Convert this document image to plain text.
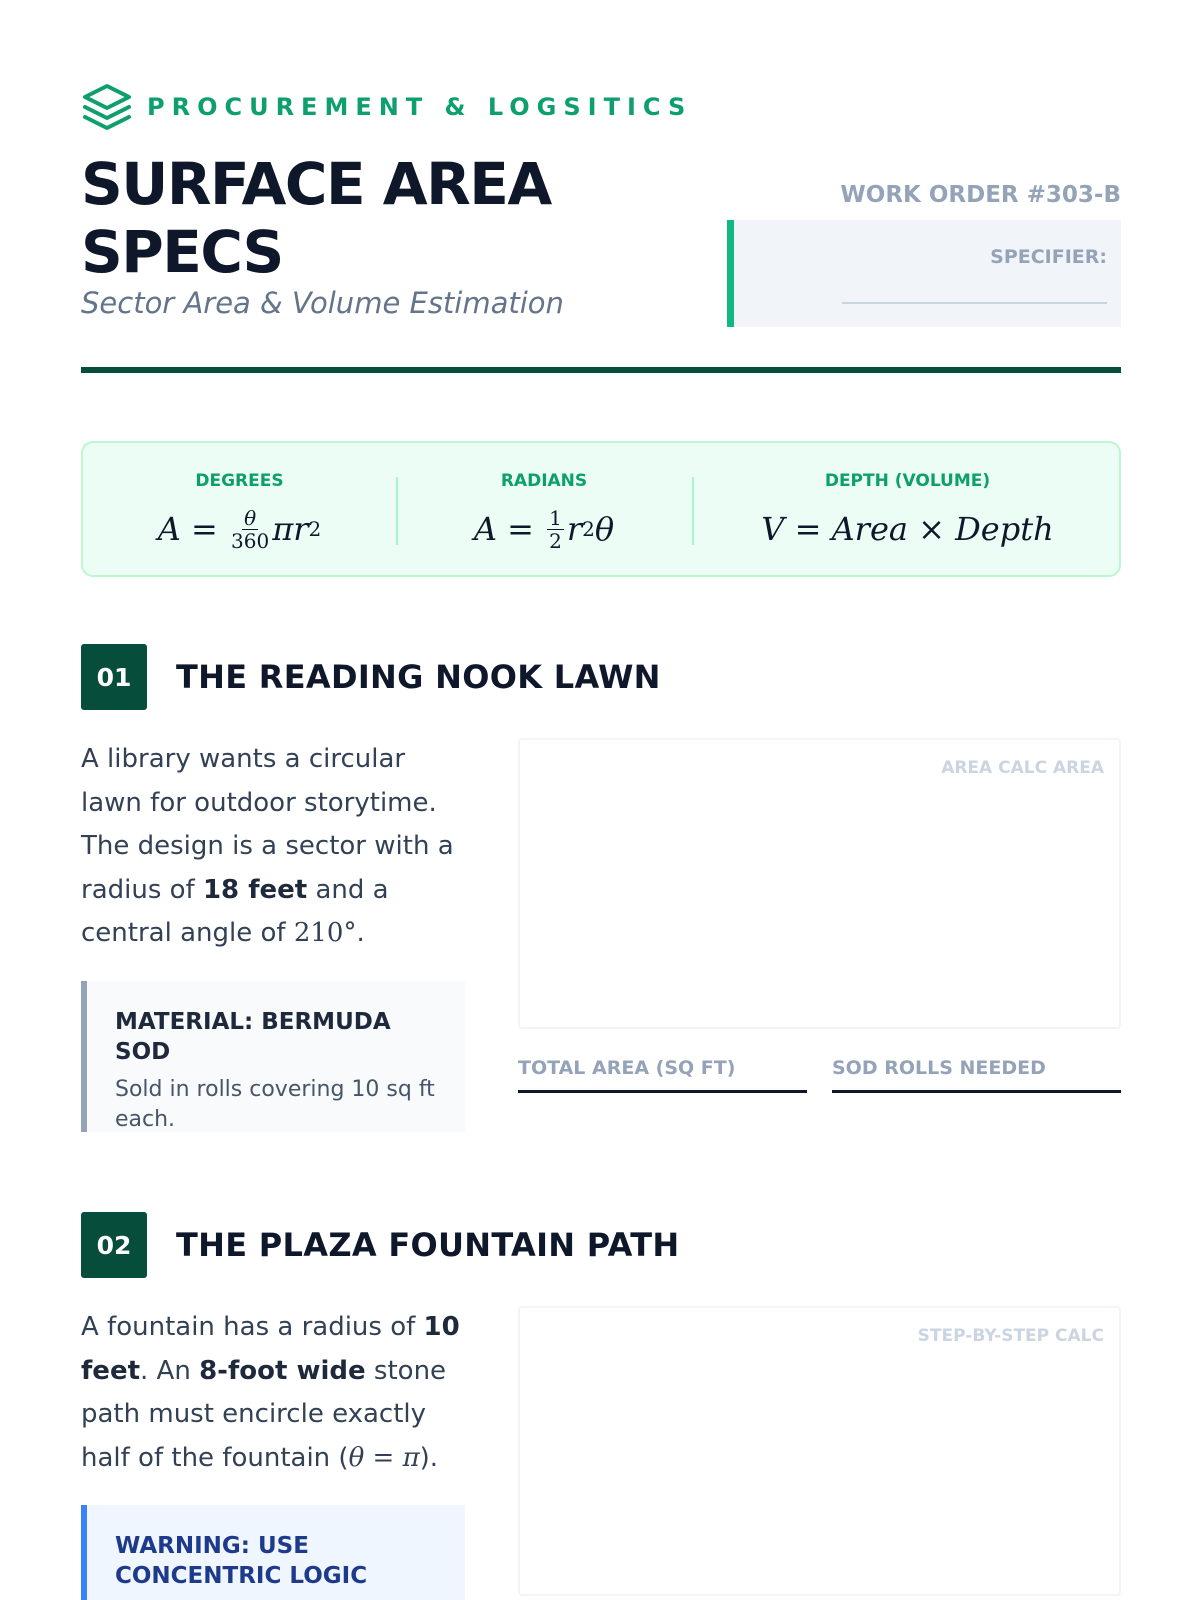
PROCUREMENT & LOGSITICS
SURFACE AREA
SPECS
Sector Area & Volume Estimation
WORK ORDER #303-B
SPECIFIER:
DEGREES
$A = \frac{\theta}{360}$ πr 2
RADIANS
$A = \frac{1}{2}$ r 2 θ
DEPTH (VOLUME)
V = Area × Depth
01	THE READING NOOK LAWN
A library wants a circular lawn for outdoor storytime. The design is a sector with a radius of 18 feet and a central angle of 210°.
MATERIAL: BERMUDA SOD
Sold in rolls covering 10 sq ft each.
AREA CALC AREA
TOTAL AREA (SQ FT)	SOD ROLLS NEEDED
02	THE PLAZA FOUNTAIN PATH
A fountain has a radius of 10 feet. An 8-foot wide stone path must encircle exactly half of the fountain (θ = π).
WARNING: USE CONCENTRIC LOGIC
STEP-BY-STEP CALC
